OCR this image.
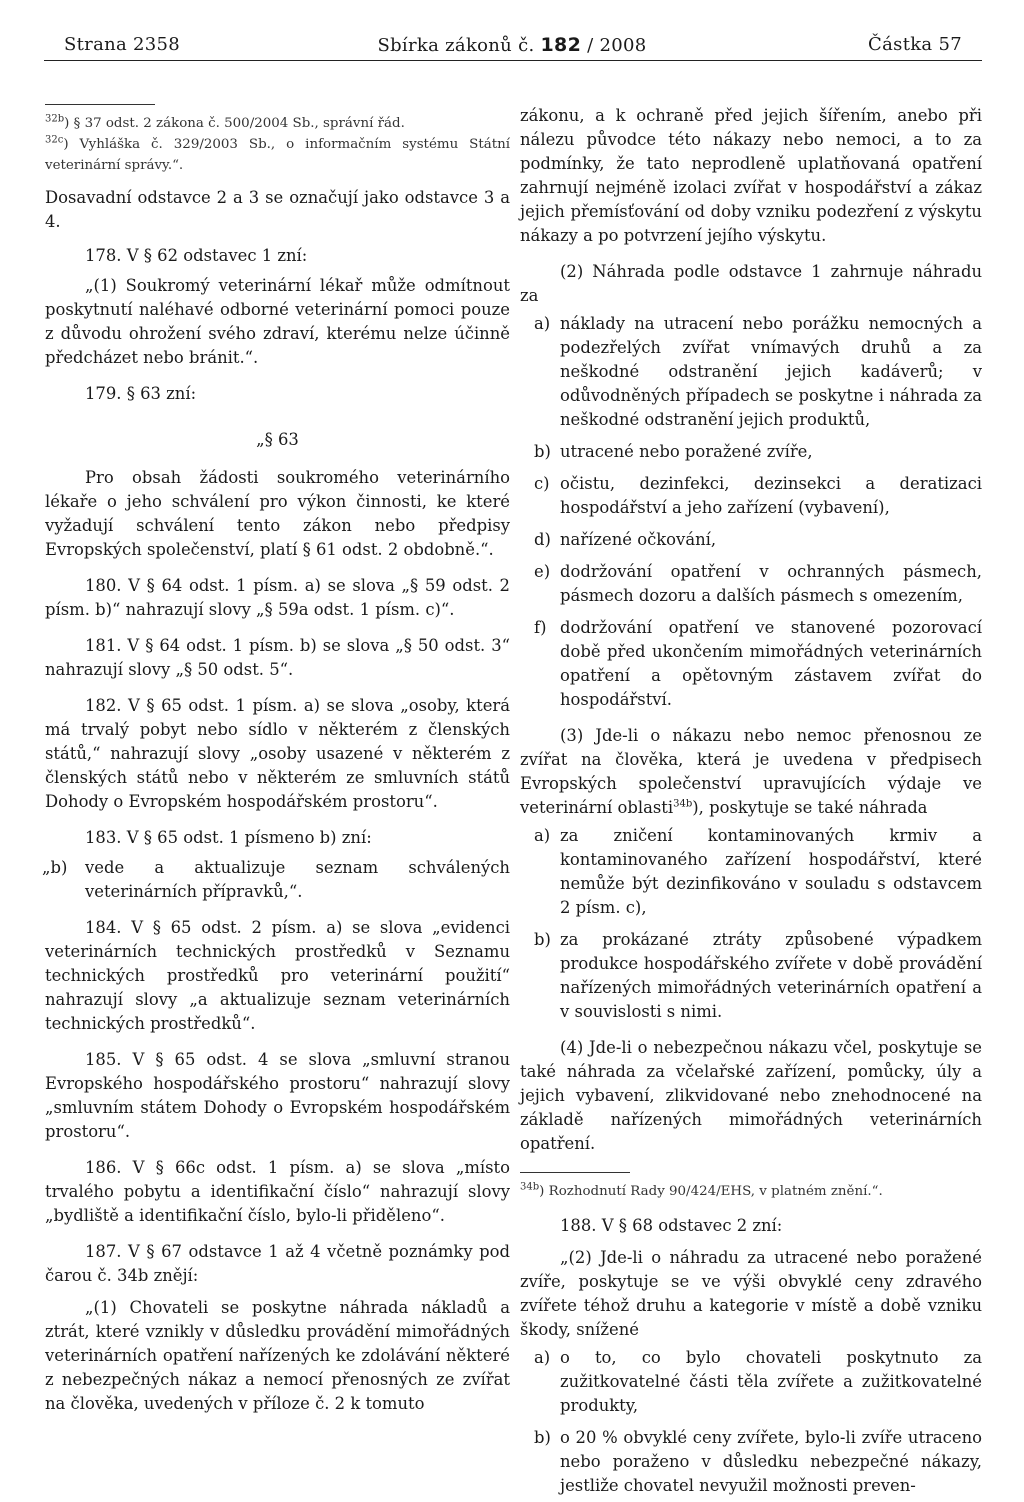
Strana 2358	Sbírka zákonů č. 182 / 2008	Částka 57

$^{32b}$) § 37 odst. 2 zákona č. 500/2004 Sb., správní řád.

$^{32c}$) Vyhláška č. 329/2003 Sb., o informačním systému Státní veterinární správy.“.

Dosavadní odstavce 2 a 3 se označují jako odstavce 3 a 4.

178. V § 62 odstavec 1 zní:

„(1) Soukromý veterinární lékař může odmítnout poskytnutí naléhavé odborné veterinární pomoci pouze z důvodu ohrožení svého zdraví, kterému nelze účinně předcházet nebo bránit.“.

179. § 63 zní:

„§ 63

Pro obsah žádosti soukromého veterinárního lékaře o jeho schválení pro výkon činnosti, ke které vyžadují schválení tento zákon nebo předpisy Evropských společenství, platí § 61 odst. 2 obdobně.“.

180. V § 64 odst. 1 písm. a) se slova „§ 59 odst. 2 písm. b)“ nahrazují slovy „§ 59a odst. 1 písm. c)“.

181. V § 64 odst. 1 písm. b) se slova „§ 50 odst. 3“ nahrazují slovy „§ 50 odst. 5“.

182. V § 65 odst. 1 písm. a) se slova „osoby, která má trvalý pobyt nebo sídlo v některém z členských států,“ nahrazují slovy „osoby usazené v některém z členských států nebo v některém ze smluvních států Dohody o Evropském hospodářském prostoru“.

183. V § 65 odst. 1 písmeno b) zní:

„b) vede a aktualizuje seznam schválených veterinárních přípravků,“.

184. V § 65 odst. 2 písm. a) se slova „evidenci veterinárních technických prostředků v Seznamu technických prostředků pro veterinární použití“ nahrazují slovy „a aktualizuje seznam veterinárních technických prostředků“.

185. V § 65 odst. 4 se slova „smluvní stranou Evropského hospodářského prostoru“ nahrazují slovy „smluvním státem Dohody o Evropském hospodářském prostoru“.

186. V § 66c odst. 1 písm. a) se slova „místo trvalého pobytu a identifikační číslo“ nahrazují slovy „bydliště a identifikační číslo, bylo-li přiděleno“.

187. V § 67 odstavce 1 až 4 včetně poznámky pod čarou č. 34b znějí:

„(1) Chovateli se poskytne náhrada nákladů a ztrát, které vznikly v důsledku provádění mimořádných veterinárních opatření nařízených ke zdolávání některé z nebezpečných nákaz a nemocí přenosných ze zvířat na člověka, uvedených v příloze č. 2 k tomuto

zákonu, a k ochraně před jejich šířením, anebo při nálezu původce této nákazy nebo nemoci, a to za podmínky, že tato neprodleně uplatňovaná opatření zahrnují nejméně izolaci zvířat v hospodářství a zákaz jejich přemísťování od doby vzniku podezření z výskytu nákazy a po potvrzení jejího výskytu.

(2) Náhrada podle odstavce 1 zahrnuje náhradu za

a) náklady na utracení nebo porážku nemocných a podezřelých zvířat vnímavých druhů a za neškodné odstranění jejich kadáverů; v odůvodněných případech se poskytne i náhrada za neškodné odstranění jejich produktů,
b) utracené nebo poražené zvíře,
c) očistu, dezinfekci, dezinsekci a deratizaci hospodářství a jeho zařízení (vybavení),
d) nařízené očkování,
e) dodržování opatření v ochranných pásmech, pásmech dozoru a dalších pásmech s omezením,
f) dodržování opatření ve stanovené pozorovací době před ukončením mimořádných veterinárních opatření a opětovným zástavem zvířat do hospodářství.

(3) Jde-li o nákazu nebo nemoc přenosnou ze zvířat na člověka, která je uvedena v předpisech Evropských společenství upravujících výdaje ve veterinární oblasti$^{34b}$), poskytuje se také náhrada

a) za zničení kontaminovaných krmiv a kontaminovaného zařízení hospodářství, které nemůže být dezinfikováno v souladu s odstavcem 2 písm. c),
b) za prokázané ztráty způsobené výpadkem produkce hospodářského zvířete v době provádění nařízených mimořádných veterinárních opatření a v souvislosti s nimi.

(4) Jde-li o nebezpečnou nákazu včel, poskytuje se také náhrada za včelařské zařízení, pomůcky, úly a jejich vybavení, zlikvidované nebo znehodnocené na základě nařízených mimořádných veterinárních opatření.

$^{34b}$) Rozhodnutí Rady 90/424/EHS, v platném znění.“.

188. V § 68 odstavec 2 zní:

„(2) Jde-li o náhradu za utracené nebo poražené zvíře, poskytuje se ve výši obvyklé ceny zdravého zvířete téhož druhu a kategorie v místě a době vzniku škody, snížené

a) o to, co bylo chovateli poskytnuto za zužitkovatelné části těla zvířete a zužitkovatelné produkty,
b) o 20 % obvyklé ceny zvířete, bylo-li zvíře utraceno nebo poraženo v důsledku nebezpečné nákazy, jestliže chovatel nevyužil možnosti preven-
